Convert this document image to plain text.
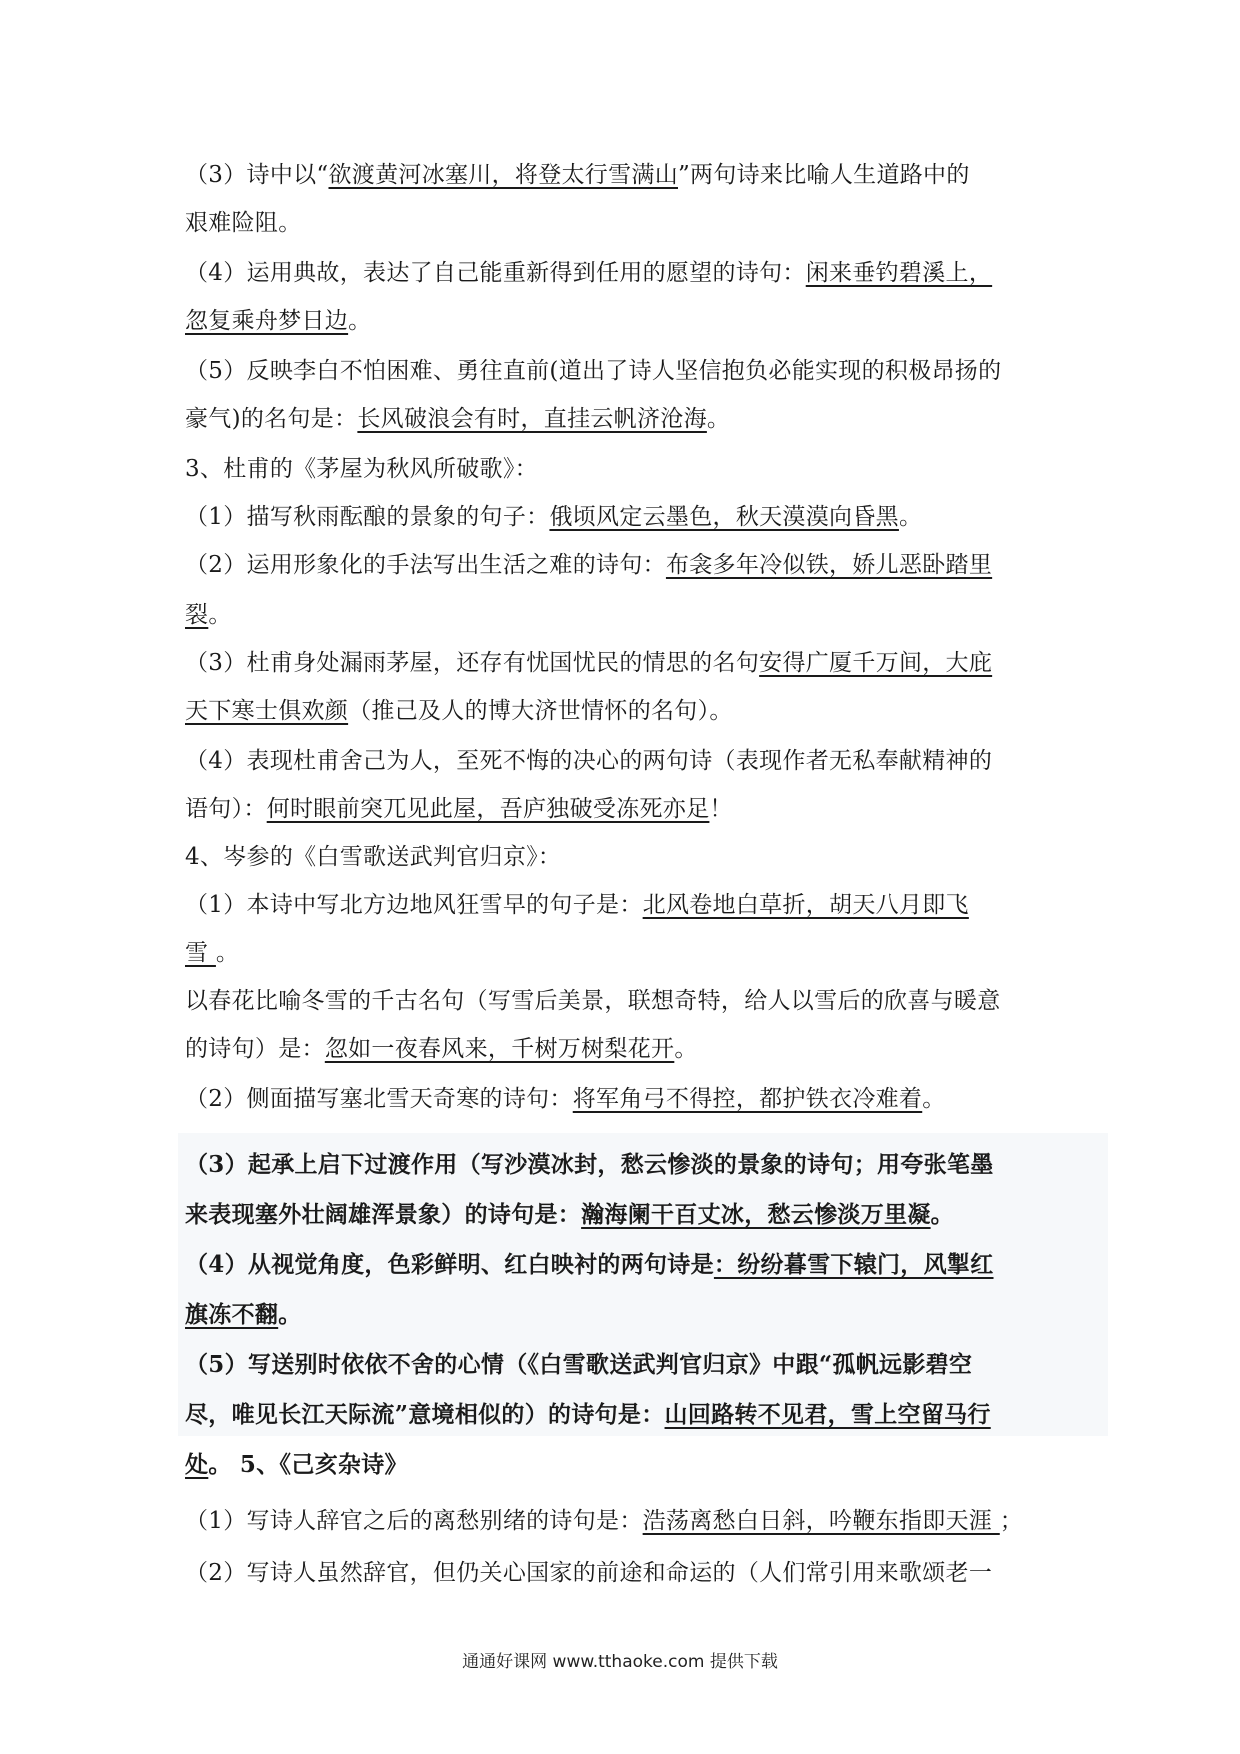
（3）诗中以“欲渡黄河冰塞川，将登太行雪满山”两句诗来比喻人生道路中的
艰难险阻。
（4）运用典故，表达了自己能重新得到任用的愿望的诗句：闲来垂钓碧溪上，
忽复乘舟梦日边。
（5）反映李白不怕困难、勇往直前(道出了诗人坚信抱负必能实现的积极昂扬的
豪气)的名句是：长风破浪会有时，直挂云帆济沧海。
3、杜甫的《茅屋为秋风所破歌》：
（1）描写秋雨酝酿的景象的句子：俄顷风定云墨色，秋天漠漠向昏黑。
（2）运用形象化的手法写出生活之难的诗句：布衾多年冷似铁，娇儿恶卧踏里
裂。
（3）杜甫身处漏雨茅屋，还存有忧国忧民的情思的名句安得广厦千万间，大庇
天下寒士俱欢颜（推己及人的博大济世情怀的名句）。
（4）表现杜甫舍己为人，至死不悔的决心的两句诗（表现作者无私奉献精神的
语句）：何时眼前突兀见此屋，吾庐独破受冻死亦足！
4、岑参的《白雪歌送武判官归京》：
（1）本诗中写北方边地风狂雪早的句子是：北风卷地白草折，胡天八月即飞
雪 。
以春花比喻冬雪的千古名句（写雪后美景，联想奇特，给人以雪后的欣喜与暖意
的诗句）是：忽如一夜春风来，千树万树梨花开。
（2）侧面描写塞北雪天奇寒的诗句：将军角弓不得控，都护铁衣冷难着。
（3）起承上启下过渡作用（写沙漠冰封，愁云惨淡的景象的诗句；用夸张笔墨
来表现塞外壮阔雄浑景象）的诗句是：瀚海阑干百丈冰，愁云惨淡万里凝。
（4）从视觉角度，色彩鲜明、红白映衬的两句诗是：纷纷暮雪下辕门，风掣红
旗冻不翻。
（5）写送别时依依不舍的心情（《白雪歌送武判官归京》中跟“孤帆远影碧空
尽，唯见长江天际流”意境相似的）的诗句是：山回路转不见君，雪上空留马行
处。 5、《己亥杂诗》
（1）写诗人辞官之后的离愁别绪的诗句是：浩荡离愁白日斜，吟鞭东指即天涯 ；
（2）写诗人虽然辞官，但仍关心国家的前途和命运的（人们常引用来歌颂老一
通通好课网 www.tthaoke.com 提供下载
